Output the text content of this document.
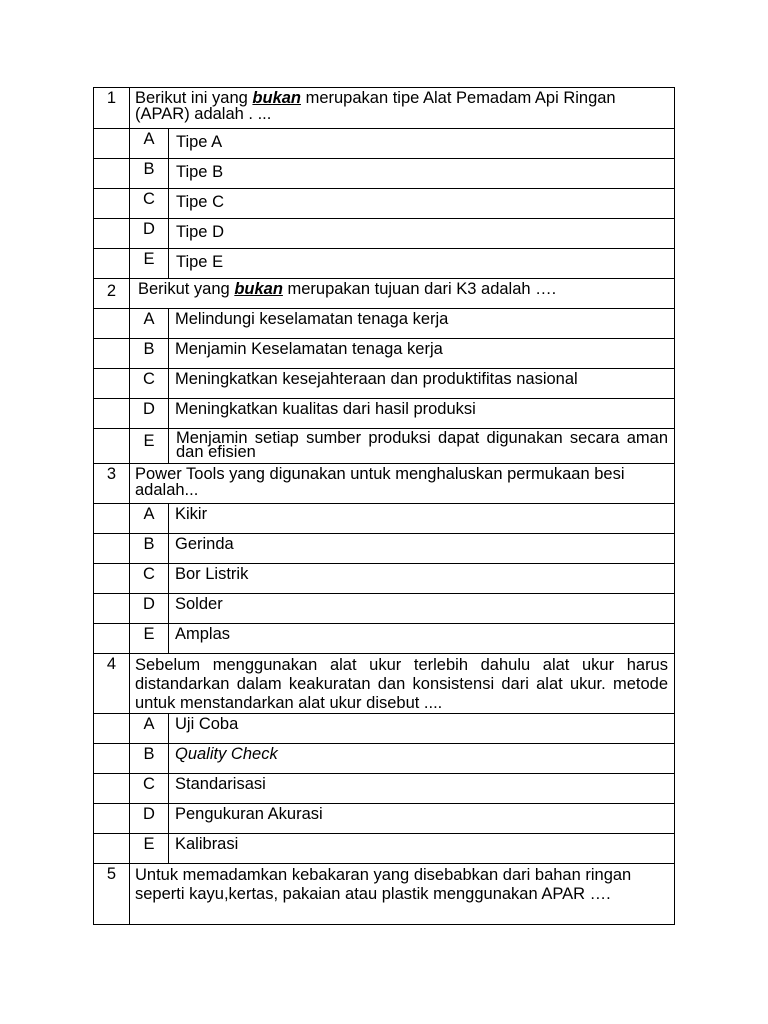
1	Berikut ini yang bukan merupakan tipe Alat Pemadam Api Ringan (APAR) adalah . ...	
	A	Tipe A
	B	Tipe B
	C	Tipe C
	D	Tipe D
	E	Tipe E
2	Berikut yang bukan merupakan tujuan dari K3 adalah ….	
	A	Melindungi keselamatan tenaga kerja
	B	Menjamin Keselamatan tenaga kerja
	C	Meningkatkan kesejahteraan dan produktifitas nasional
	D	Meningkatkan kualitas dari hasil produksi
	E	Menjamin setiap sumber produksi dapat digunakan secara aman dan efisien
3	Power Tools yang digunakan untuk menghaluskan permukaan besi adalah...	
	A	Kikir
	B	Gerinda
	C	Bor Listrik
	D	Solder
	E	Amplas
4	Sebelum menggunakan alat ukur terlebih dahulu alat ukur harus distandarkan dalam keakuratan dan konsistensi dari alat ukur. metode untuk menstandarkan alat ukur disebut ....	
	A	Uji Coba
	B	Quality Check
	C	Standarisasi
	D	Pengukuran Akurasi
	E	Kalibrasi
5	Untuk memadamkan kebakaran yang disebabkan dari bahan ringan seperti kayu,kertas, pakaian atau plastik menggunakan APAR ….	
